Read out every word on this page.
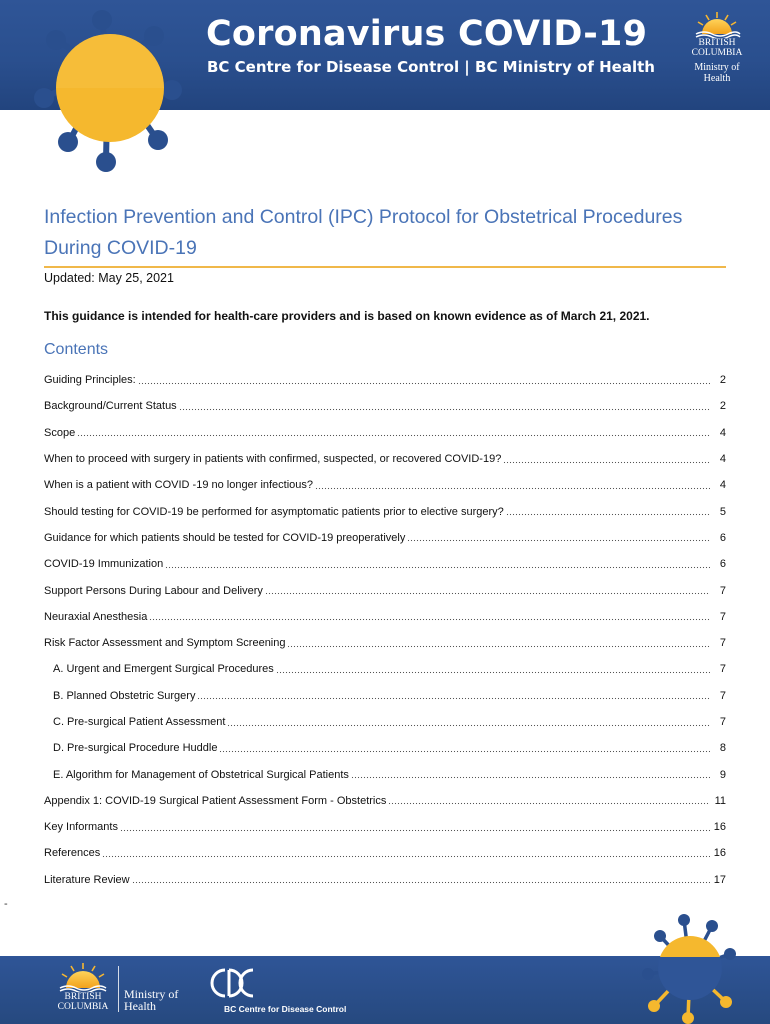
Coronavirus COVID-19
BC Centre for Disease Control | BC Ministry of Health
BRITISH
COLUMBIA
Ministry of
Health
Infection Prevention and Control (IPC) Protocol for Obstetrical Procedures During COVID-19
Updated: May 25, 2021
This guidance is intended for health-care providers and is based on known evidence as of March 21, 2021.
Contents
Guiding Principles:	2
Background/Current Status	2
Scope	4
When to proceed with surgery in patients with confirmed, suspected, or recovered COVID-19?	4
When is a patient with COVID -19 no longer infectious?	4
Should testing for COVID-19 be performed for asymptomatic patients prior to elective surgery?	5
Guidance for which patients should be tested for COVID-19 preoperatively	6
COVID-19 Immunization	6
Support Persons During Labour and Delivery	7
Neuraxial Anesthesia	7
Risk Factor Assessment and Symptom Screening	7
A. Urgent and Emergent Surgical Procedures	7
B. Planned Obstetric Surgery	7
C. Pre-surgical Patient Assessment	7
D. Pre-surgical Procedure Huddle	8
E. Algorithm for Management of Obstetrical Surgical Patients	9
Appendix 1: COVID-19 Surgical Patient Assessment Form - Obstetrics	11
Key Informants	16
References	16
Literature Review	17
-
BRITISH
COLUMBIA
Ministry of
Health	BC Centre for Disease Control
